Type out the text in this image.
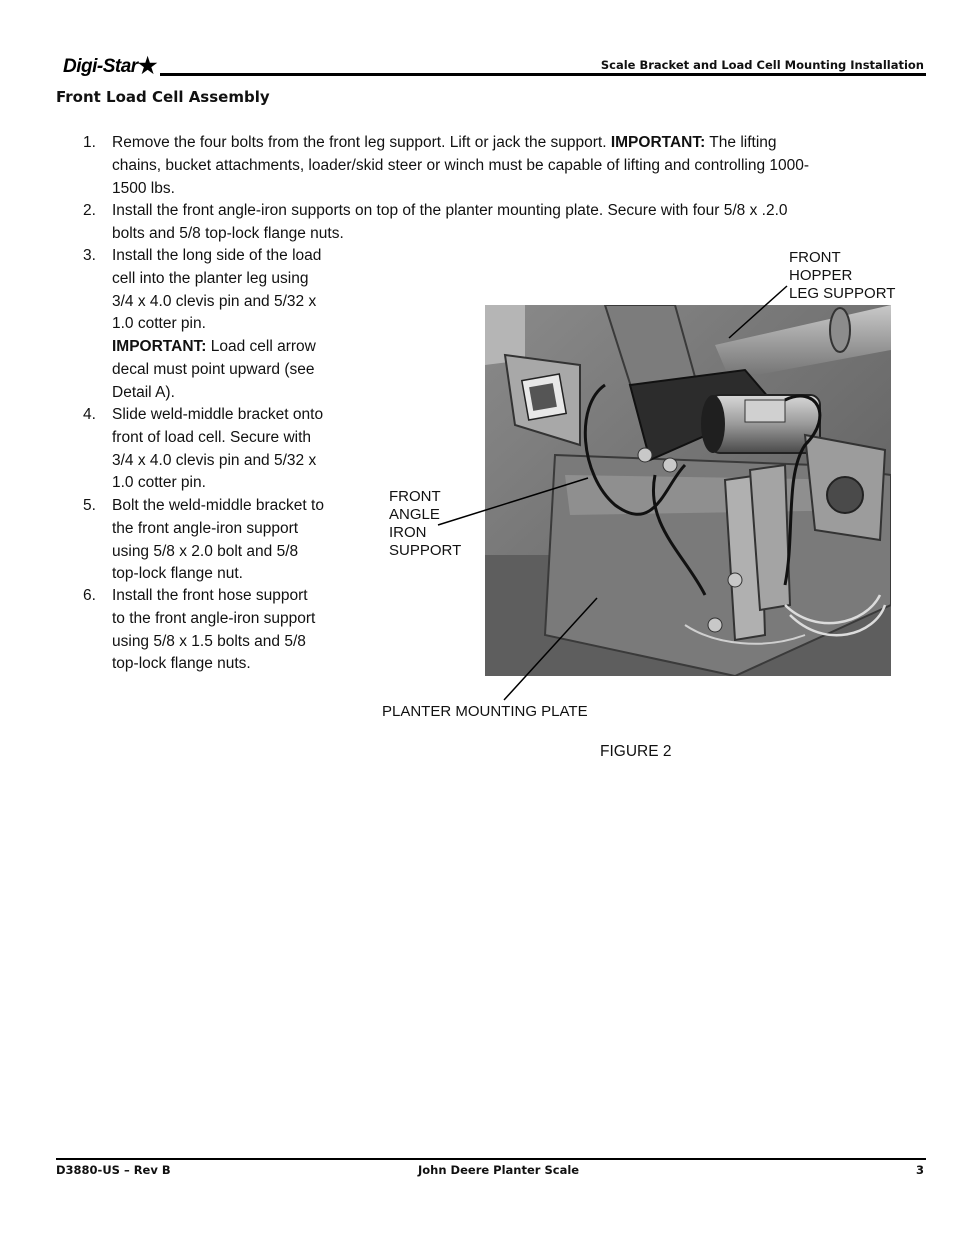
Digi-Star★	Scale Bracket and Load Cell Mounting Installation
Front Load Cell Assembly
1. Remove the four bolts from the front leg support. Lift or jack the support. IMPORTANT: The lifting

chains, bucket attachments, loader/skid steer or winch must be capable of lifting and controlling 1000-

1500 lbs.

2. Install the front angle-iron supports on top of the planter mounting plate. Secure with four 5/8 x .2.0

bolts and 5/8 top-lock flange nuts.

3. Install the long side of the load

cell into the planter leg using

3/4 x 4.0 clevis pin and 5/32 x

1.0 cotter pin.

IMPORTANT: Load cell arrow

decal must point upward (see

Detail A).

4. Slide weld-middle bracket onto

front of load cell. Secure with

3/4 x 4.0 clevis pin and 5/32 x

1.0 cotter pin.

5. Bolt the weld-middle bracket to

the front angle-iron support

using 5/8 x 2.0 bolt and 5/8

top-lock flange nut.

6. Install the front hose support

to the front angle-iron support

using 5/8 x 1.5 bolts and 5/8

top-lock flange nuts.

FRONT
HOPPER
LEG SUPPORT
FRONT
ANGLE
IRON
SUPPORT
PLANTER MOUNTING PLATE
FIGURE 2
D3880-US – Rev B	John Deere Planter Scale	3
